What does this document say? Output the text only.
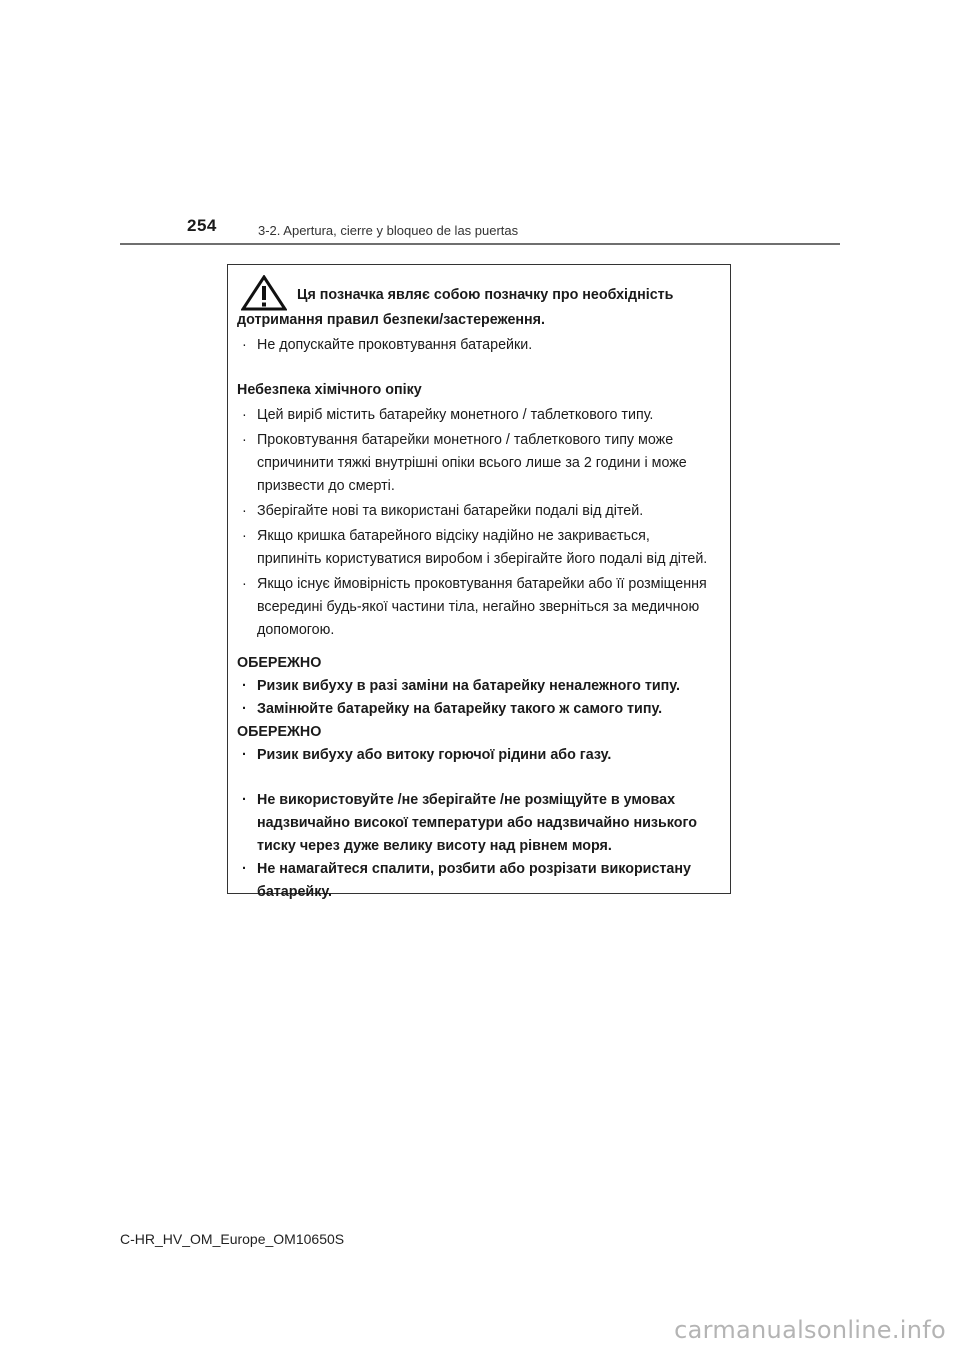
254	3-2. Apertura, cierre y bloqueo de las puertas
Ця позначка являє собою позначку про необхідність
дотримання правил безпеки/застереження.
· Не допускайте проковтування батарейки.
Небезпека хімічного опіку
· Цей виріб містить батарейку монетного / таблеткового типу.
· Проковтування батарейки монетного / таблеткового типу може спричинити тяжкі внутрішні опіки всього лише за 2 години і може призвести до смерті.
· Зберігайте нові та використані батарейки подалі від дітей.
· Якщо кришка батарейного відсіку надійно не закривається, припиніть користуватися виробом і зберігайте його подалі від дітей.
· Якщо існує ймовірність проковтування батарейки або її розміщення всередині будь-якої частини тіла, негайно зверніться за медичною допомогою.
ОБЕРЕЖНО
· Ризик вибуху в разі заміни на батарейку неналежного типу.
· Замінюйте батарейку на батарейку такого ж самого типу.
ОБЕРЕЖНО
· Ризик вибуху або витоку горючої рідини або газу.
· Не використовуйте /не зберігайте /не розміщуйте в умовах надзвичайно високої температури або надзвичайно низького тиску через дуже велику висоту над рівнем моря.
· Не намагайтеся спалити, розбити або розрізати використану батарейку.
C-HR_HV_OM_Europe_OM10650S
carmanualsonline.info
